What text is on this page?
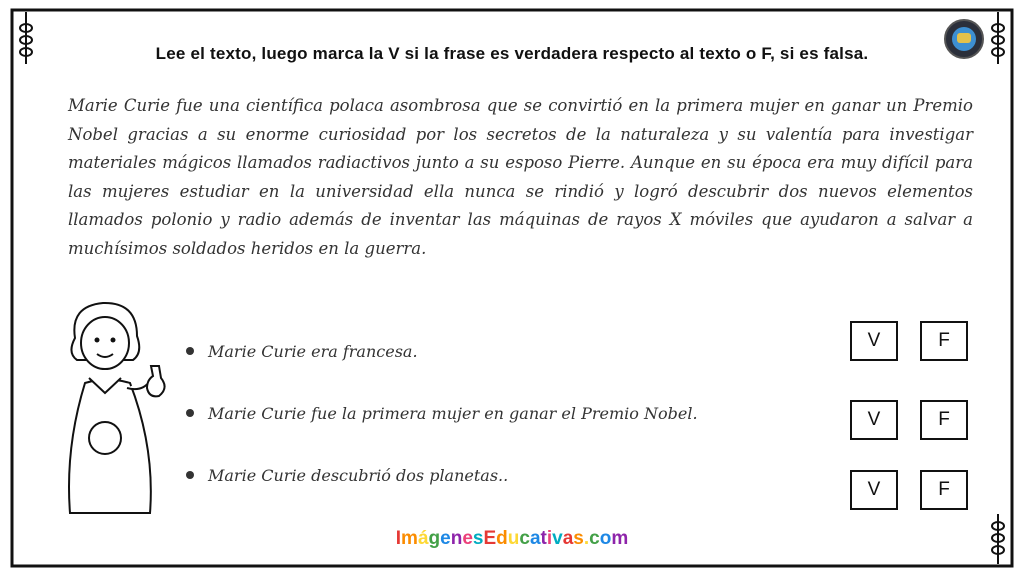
Lee el texto, luego marca la V si la frase es verdadera respecto al texto o F, si es falsa.
Marie Curie fue una científica polaca asombrosa que se convirtió en la primera mujer en ganar un Premio Nobel gracias a su enorme curiosidad por los secretos de la naturaleza y su valentía para investigar materiales mágicos llamados radiactivos junto a su esposo Pierre. Aunque en su época era muy difícil para las mujeres estudiar en la universidad ella nunca se rindió y logró descubrir dos nuevos elementos llamados polonio y radio además de inventar las máquinas de rayos X móviles que ayudaron a salvar a muchísimos soldados heridos en la guerra.
Marie Curie era francesa.
Marie Curie fue la primera mujer en ganar el Premio Nobel.
Marie Curie descubrió dos planetas..
V	F
V	F
V	F
ImágenesEducativas.com
